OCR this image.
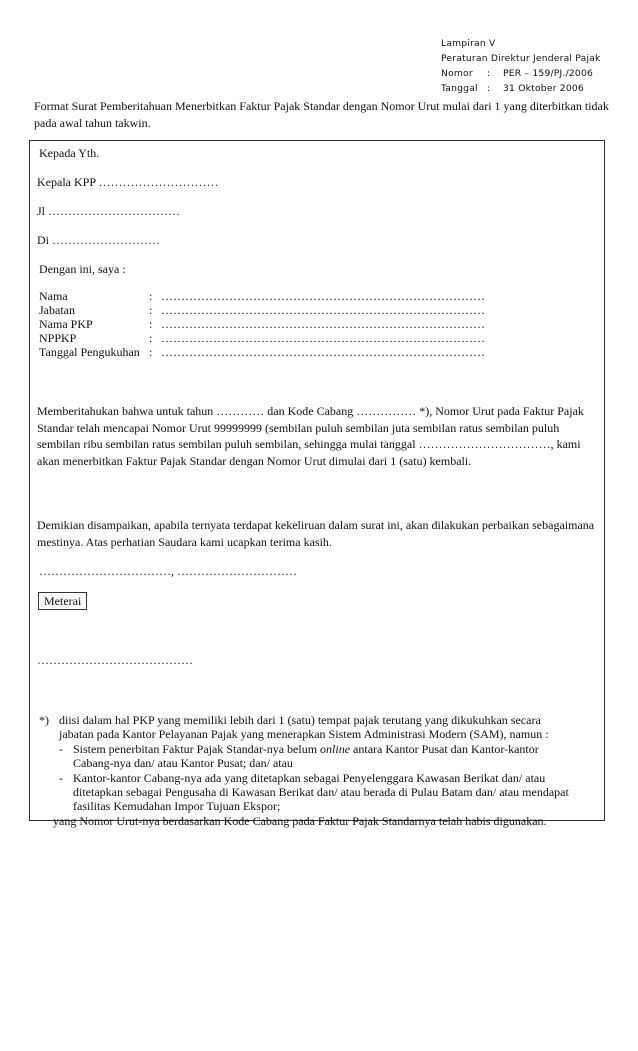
Lampiran V
Peraturan Direktur Jenderal Pajak
Nomor	:	PER – 159/PJ./2006
Tanggal	:	31 Oktober 2006
Format Surat Pemberitahuan Menerbitkan Faktur Pajak Standar dengan Nomor Urut mulai dari 1 yang diterbitkan tidak pada awal tahun takwin.
Kepada Yth.
Kepala KPP …………………………
Jl ……………………………
Di ………………………
Dengan ini, saya :
Nama	: ………………………………………………………………………
Jabatan	: ………………………………………………………………………
Nama PKP	: ………………………………………………………………………
NPPKP	: ………………………………………………………………………
Tanggal Pengukuhan : ………………………………………………………………………
Memberitahukan bahwa untuk tahun ………… dan Kode Cabang …………… *), Nomor Urut pada Faktur Pajak Standar telah mencapai Nomor Urut 99999999 (sembilan puluh sembilan juta sembilan ratus sembilan puluh sembilan ribu sembilan ratus sembilan puluh sembilan, sehingga mulai tanggal ……………………………, kami akan menerbitkan Faktur Pajak Standar dengan Nomor Urut dimulai dari 1 (satu) kembali.
Demikian disampaikan, apabila ternyata terdapat kekeliruan dalam surat ini, akan dilakukan perbaikan sebagaimana mestinya. Atas perhatian Saudara kami ucapkan terima kasih.
……………………………, …………………………
Meterai
…………………………………
*) diisi dalam hal PKP yang memiliki lebih dari 1 (satu) tempat pajak terutang yang dikukuhkan secara
jabatan pada Kantor Pelayanan Pajak yang menerapkan Sistem Administrasi Modern (SAM), namun :
- Sistem penerbitan Faktur Pajak Standar-nya belum online antara Kantor Pusat dan Kantor-kantor
Cabang-nya dan/ atau Kantor Pusat; dan/ atau
- Kantor-kantor Cabang-nya ada yang ditetapkan sebagai Penyelenggara Kawasan Berikat dan/ atau
ditetapkan sebagai Pengusaha di Kawasan Berikat dan/ atau berada di Pulau Batam dan/ atau mendapat
fasilitas Kemudahan Impor Tujuan Ekspor;
yang Nomor Urut-nya berdasarkan Kode Cabang pada Faktur Pajak Standarnya telah habis digunakan.
